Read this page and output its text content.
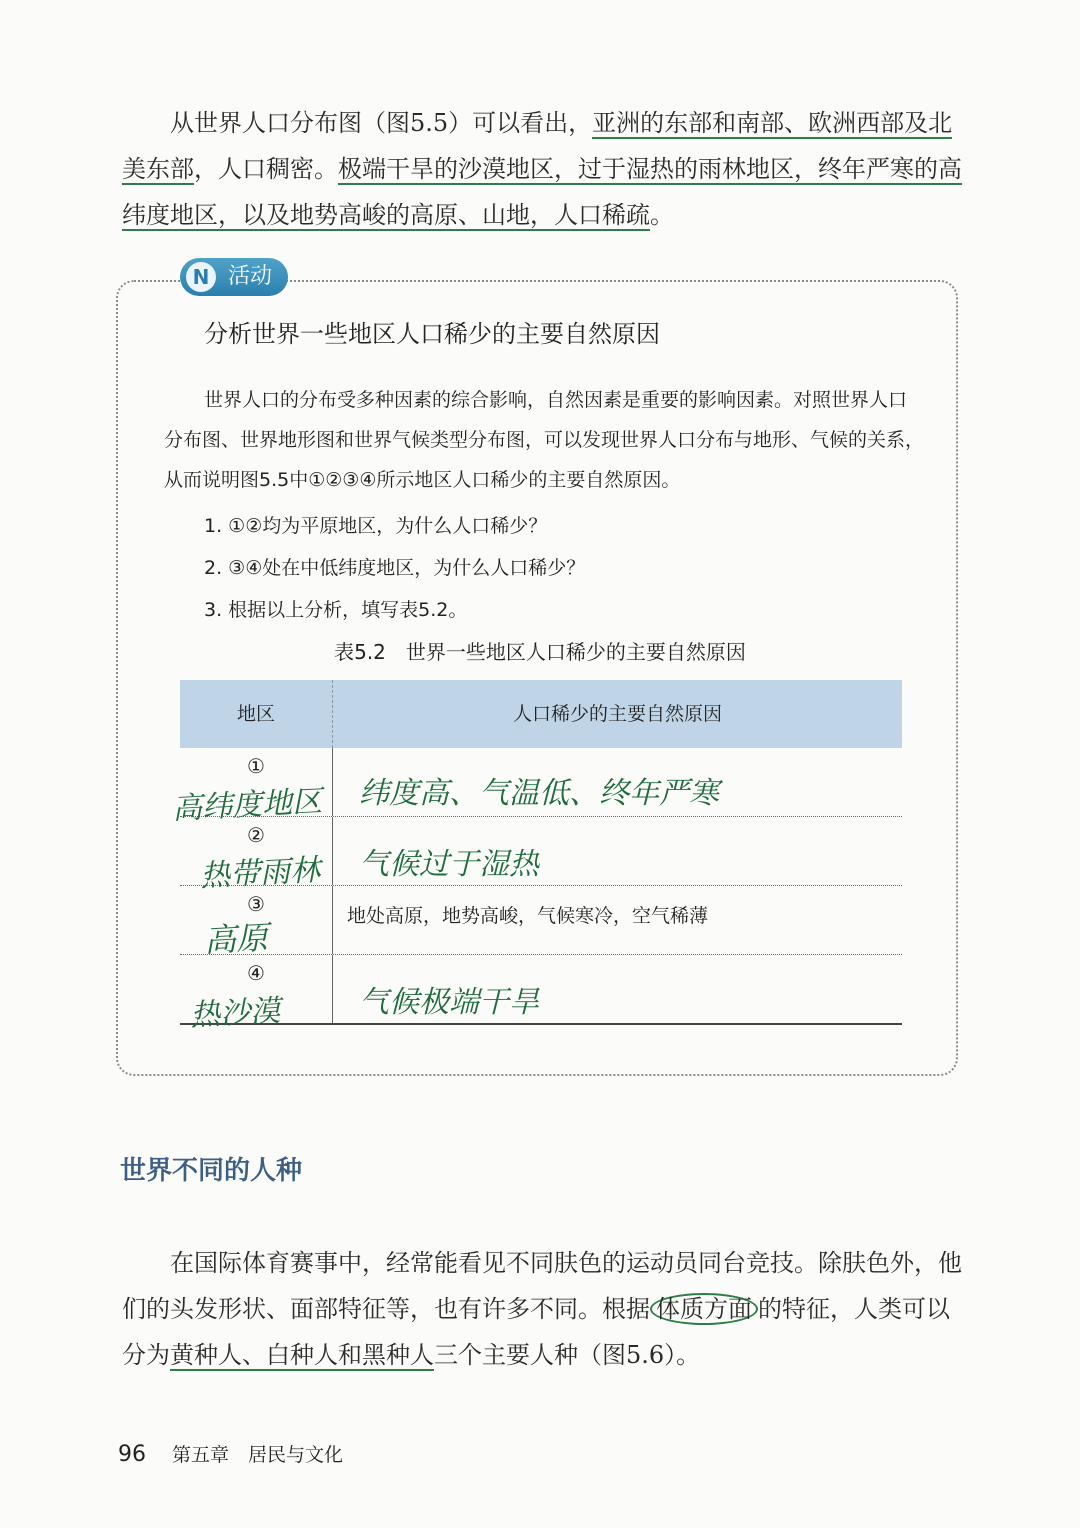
从世界人口分布图（图5.5）可以看出，亚洲的东部和南部、欧洲西部及北美东部，人口稠密。极端干旱的沙漠地区，过于湿热的雨林地区，终年严寒的高纬度地区，以及地势高峻的高原、山地，人口稀疏。

N 活动
分析世界一些地区人口稀少的主要自然原因

世界人口的分布受多种因素的综合影响，自然因素是重要的影响因素。对照世界人口分布图、世界地形图和世界气候类型分布图，可以发现世界人口分布与地形、气候的关系，从而说明图5.5中①②③④所示地区人口稀少的主要自然原因。

1. ①②均为平原地区，为什么人口稀少？
2. ③④处在中低纬度地区，为什么人口稀少？
3. 根据以上分析，填写表5.2。
表5.2　世界一些地区人口稀少的主要自然原因
地区	人口稀少的主要自然原因
①
纬度高、气温低、终年严寒
②
气候过于湿热
③	地处高原，地势高峻，气候寒冷，空气稀薄
④
气候极端干旱
高纬度地区
热带雨林
高原
热沙漠
世界不同的人种

在国际体育赛事中，经常能看见不同肤色的运动员同台竞技。除肤色外，他们的头发形状、面部特征等，也有许多不同。根据 体质方面 的特征，人类可以分为黄种人、白种人和黑种人三个主要人种（图5.6）。

96 第五章　居民与文化
